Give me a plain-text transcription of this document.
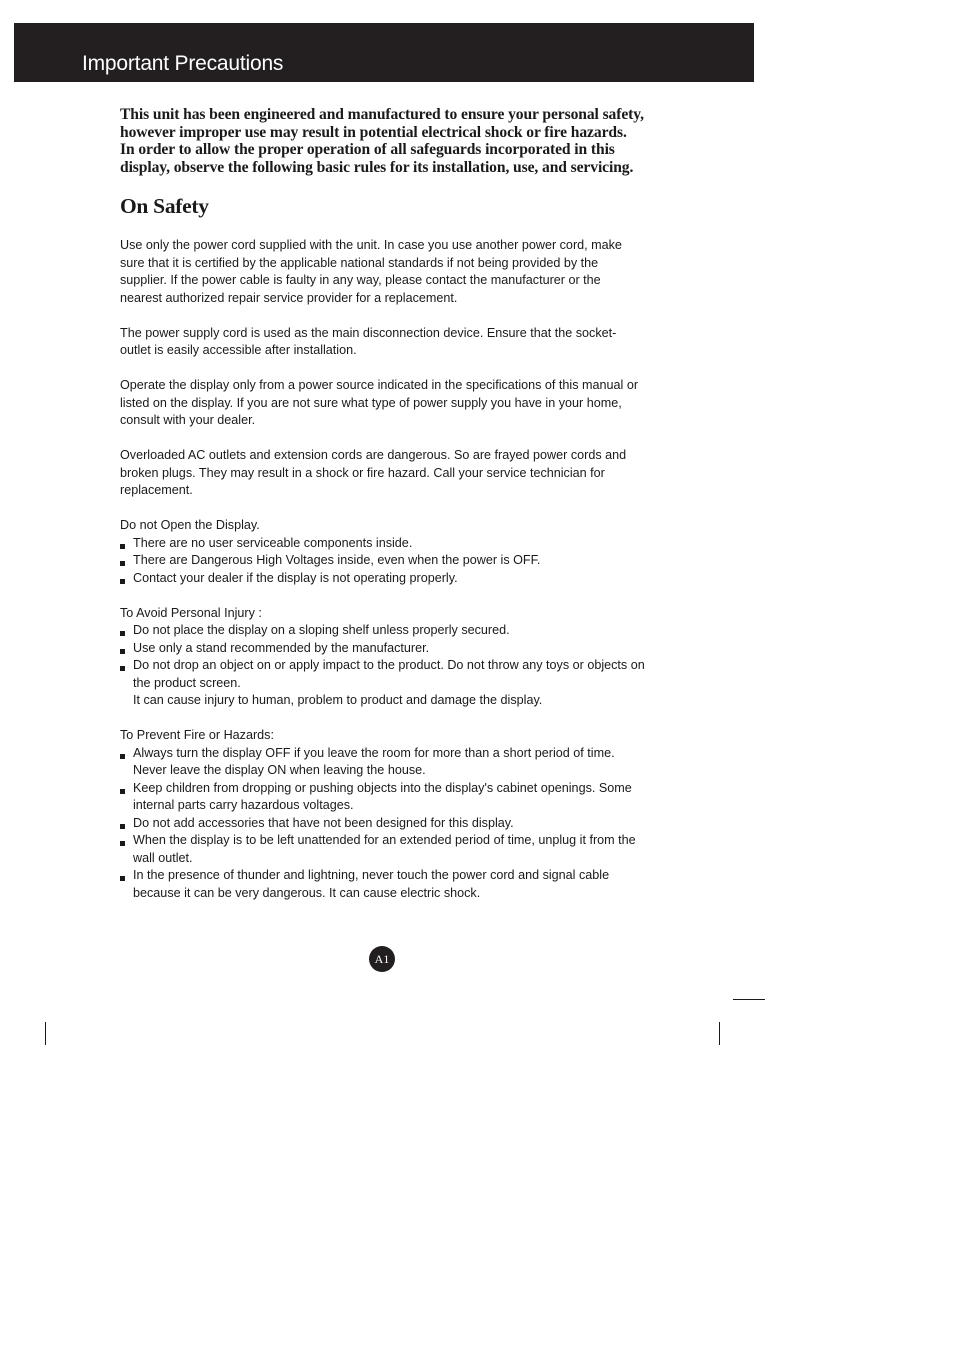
Important Precautions

This unit has been engineered and manufactured to ensure your personal safety, however improper use may result in potential electrical shock or fire hazards. In order to allow the proper operation of all safeguards incorporated in this display, observe the following basic rules for its installation, use, and servicing.

On Safety

Use only the power cord supplied with the unit. In case you use another power cord, make sure that it is certified by the applicable national standards if not being provided by the supplier. If the power cable is faulty in any way, please contact the manufacturer or the nearest authorized repair service provider for a replacement.

The power supply cord is used as the main disconnection device. Ensure that the socket-outlet is easily accessible after installation.

Operate the display only from a power source indicated in the specifications of this manual or listed on the display. If you are not sure what type of power supply you have in your home, consult with your dealer.

Overloaded AC outlets and extension cords are dangerous. So are frayed power cords and broken plugs. They may result in a shock or fire hazard. Call your service technician for replacement.

Do not Open the Display.

There are no user serviceable components inside.
There are Dangerous High Voltages inside, even when the power is OFF.
Contact your dealer if the display is not operating properly.

To Avoid Personal Injury :

Do not place the display on a sloping shelf unless properly secured.
Use only a stand recommended by the manufacturer.
Do not drop an object on or apply impact to the product. Do not throw any toys or objects on the product screen.
It can cause injury to human, problem to product and damage the display.

To Prevent Fire or Hazards:

Always turn the display OFF if you leave the room for more than a short period of time. Never leave the display ON when leaving the house.
Keep children from dropping or pushing objects into the display's cabinet openings. Some internal parts carry hazardous voltages.
Do not add accessories that have not been designed for this display.
When the display is to be left unattended for an extended period of time, unplug it from the wall outlet.
In the presence of thunder and lightning, never touch the power cord and signal cable because it can be very dangerous. It can cause electric shock.
A1
